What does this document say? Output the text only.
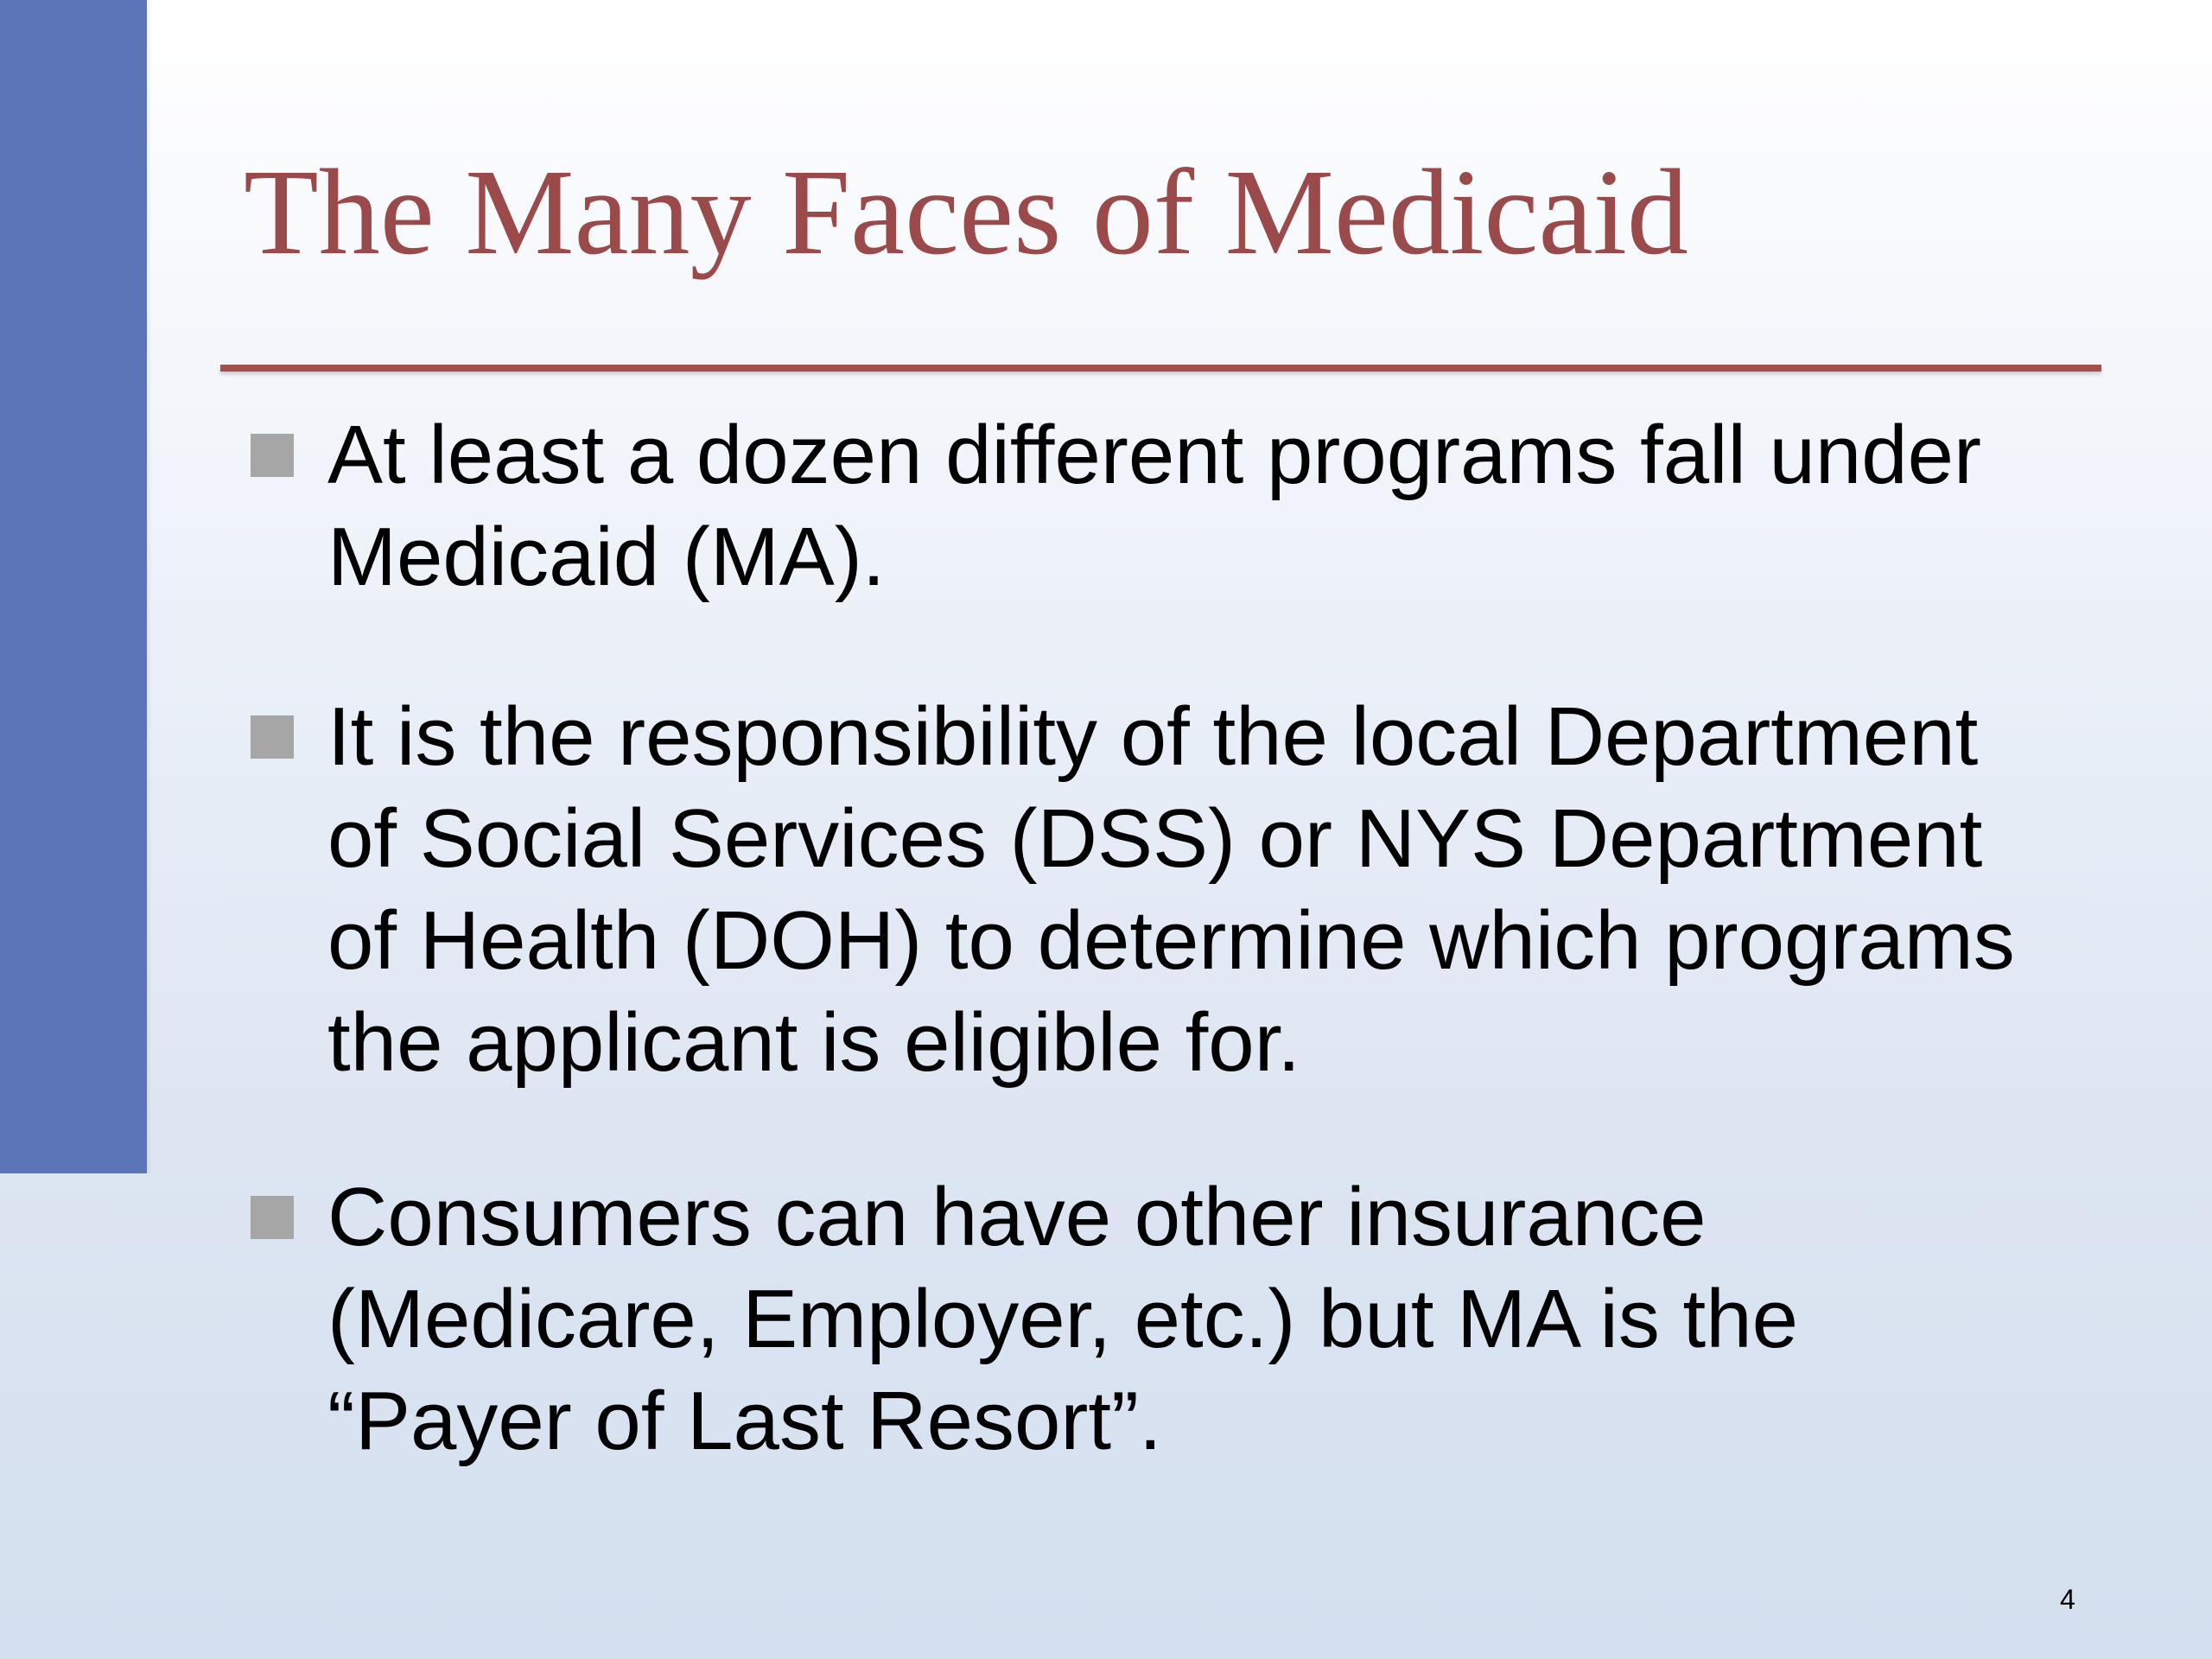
The Many Faces of Medicaid
At least a dozen different programs fall under Medicaid (MA).
It is the responsibility of the local Department of Social Services (DSS) or NYS Department of Health (DOH) to determine which programs the applicant is eligible for.
Consumers can have other insurance (Medicare, Employer, etc.) but MA is the “Payer of Last Resort”.
4
